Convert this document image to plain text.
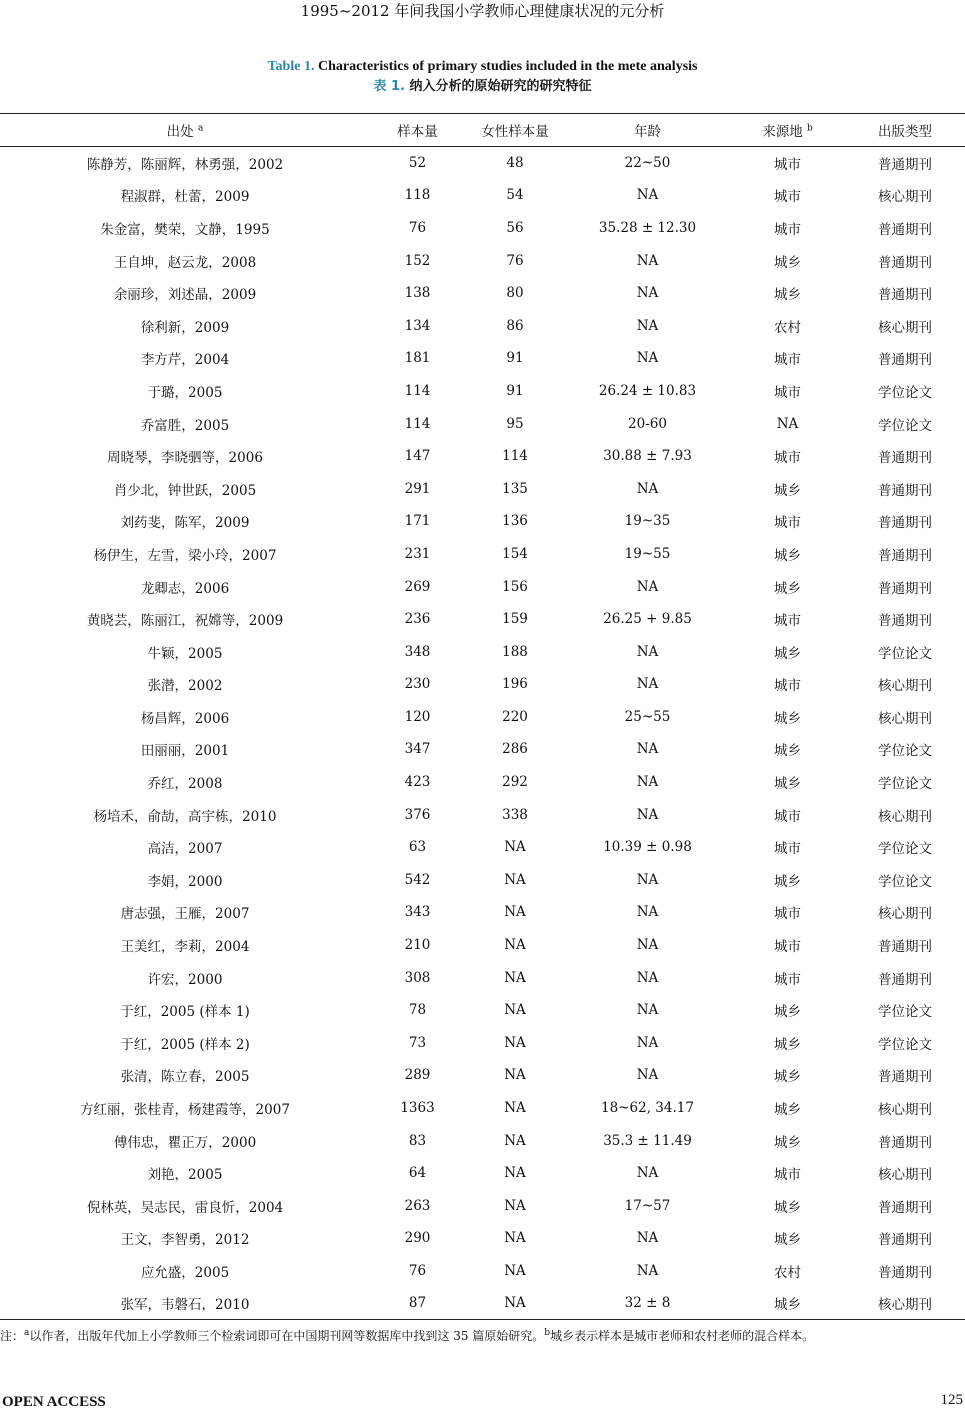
1995~2012 年间我国小学教师心理健康状况的元分析
Table 1. Characteristics of primary studies included in the mete analysis
表 1. 纳入分析的原始研究的研究特征
出处 $^a$	样本量	女性样本量	年龄	来源地 $^b$	出版类型
陈静芳，陈丽辉，林勇强，2002	52	48	22~50	城市	普通期刊
程淑群，杜蕾，2009	118	54	NA	城市	核心期刊
朱金富，樊荣，文静，1995	76	56	35.28 ± 12.30	城市	普通期刊
王自坤，赵云龙，2008	152	76	NA	城乡	普通期刊
余丽珍，刘述晶，2009	138	80	NA	城乡	普通期刊
徐利新，2009	134	86	NA	农村	核心期刊
李方芹，2004	181	91	NA	城市	普通期刊
于璐，2005	114	91	26.24 ± 10.83	城市	学位论文
乔富胜，2005	114	95	20-60	NA	学位论文
周晓琴，李晓驷等，2006	147	114	30.88 ± 7.93	城市	普通期刊
肖少北，钟世跃，2005	291	135	NA	城乡	普通期刊
刘药斐，陈军，2009	171	136	19~35	城市	普通期刊
杨伊生，左雪，梁小玲，2007	231	154	19~55	城乡	普通期刊
龙卿志，2006	269	156	NA	城乡	普通期刊
黄晓芸，陈丽江，祝嫦等，2009	236	159	26.25 + 9.85	城市	普通期刊
牛颖，2005	348	188	NA	城乡	学位论文
张潜，2002	230	196	NA	城市	核心期刊
杨昌辉，2006	120	220	25~55	城乡	核心期刊
田丽丽，2001	347	286	NA	城乡	学位论文
乔红，2008	423	292	NA	城乡	学位论文
杨培禾，俞劼，高宇栋，2010	376	338	NA	城市	核心期刊
高洁，2007	63	NA	10.39 ± 0.98	城市	学位论文
李娟，2000	542	NA	NA	城乡	学位论文
唐志强，王雁，2007	343	NA	NA	城市	核心期刊
王美红，李莉，2004	210	NA	NA	城市	普通期刊
许宏，2000	308	NA	NA	城市	普通期刊
于红，2005 (样本 1)	78	NA	NA	城乡	学位论文
于红，2005 (样本 2)	73	NA	NA	城乡	学位论文
张清，陈立春，2005	289	NA	NA	城乡	普通期刊
方红丽，张桂青，杨建霞等，2007	1363	NA	18~62, 34.17	城乡	核心期刊
傅伟忠，瞿正万，2000	83	NA	35.3 ± 11.49	城乡	普通期刊
刘艳，2005	64	NA	NA	城市	核心期刊
倪林英，吴志民，雷良忻，2004	263	NA	17~57	城乡	普通期刊
王文，李智勇，2012	290	NA	NA	城乡	普通期刊
应允盛，2005	76	NA	NA	农村	普通期刊
张军，韦磐石，2010	87	NA	32 ± 8	城乡	核心期刊
注：$^a$以作者，出版年代加上小学教师三个检索词即可在中国期刊网等数据库中找到这 35 篇原始研究。$^b$城乡表示样本是城市老师和农村老师的混合样本。
OPEN ACCESS	125
